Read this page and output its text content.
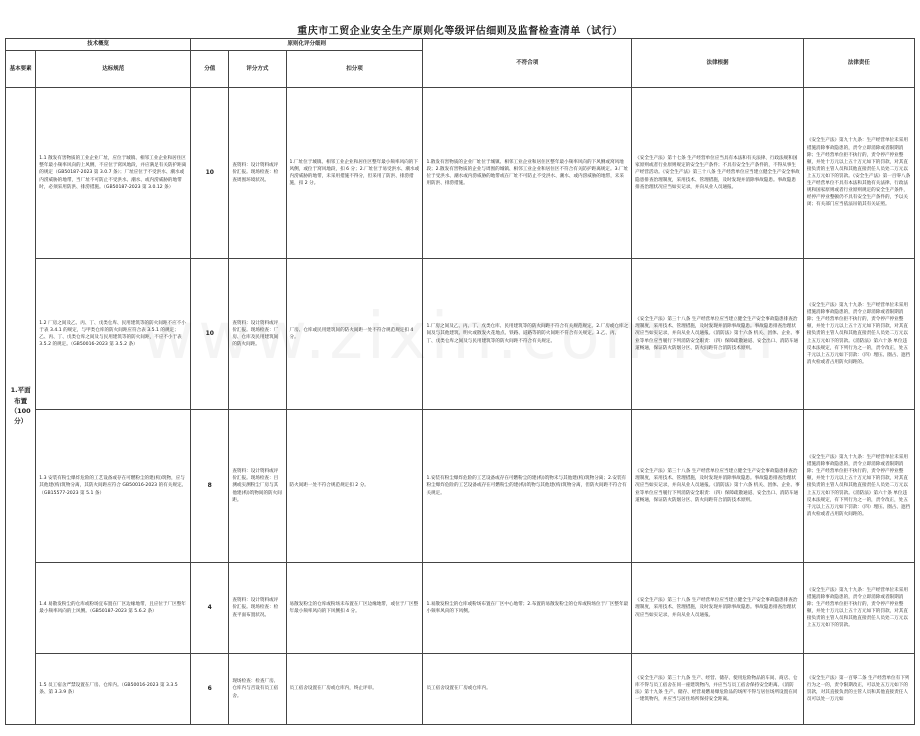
重庆市工贸企业安全生产原则化等级评估细则及监督检查清单（试行）
技术概览		原则化评分细则			不符合项	法律根据	法律责任
基本要素	达标规范	分值	评分方式	扣分项			
1.平面布置（100分）	1.1 散发有害物质的工业企业厂址，应位于城镇、相邻工业企业和居住区整年最小频率风向的上风侧，不应位于窝风地段，并应满足有关防护距离的规定（GB50187-2023 第 3.0.7 条）；厂址应位于不受洪水、潮水或内涝威胁的地带，当厂址不可防止不受洪水、潮水、或内涝威胁的地带时，必须采用防洪、排涝措施。（GB50187-2023 第 3.0.12 条）	10	查资料：设计资料或评价汇报。现场检查：检查周围环境状况。	1.厂址位于城镇、相邻工业企业和居住区整年最小频率风向的下风侧，或位于窝风地段，扣 6 分；2.厂址位于易受洪水、潮水或内涝威胁的地带，未采用措施不得分，但采用了防洪、排涝措施，扣 2 分。	1.散发有害物质的企业厂址位于城镇、相邻工业企业和居住区整年最小频率风向的下风侧或窝风地段；2.散发有害物质的企业与周围的城镇、相邻工业企业和居住区不符合有关防护距离规定。3.厂址位于受洪水、潮水或内涝威胁的地带或在厂址不可防止不受洪水、潮水、或内涝威胁的地带，未采用防洪、排涝措施。	《安全生产法》第十七条 生产经营单位应当具有本法和有关法律、行政法规和国家原则或者行业原则规定的安全生产条件；不具有安全生产条件的，不得从事生产经营活动。《安全生产法》第三十八条 生产经营单位应当建立健全生产安全事故隐患排查治理制度，采用技术、管理措施，及时发现并消除事故隐患。事故隐患排查治理状况应当如实记录，并向从业人员通报。	《安全生产法》第九十九条：生产经营单位未采用措施消除事故隐患的，责令立即消除或者限期消除；生产经营单位拒不执行的，责令停产停业整顿，并处十万元以上五十万元如下的罚款，对其直接负责的主管人员和其他直接责任人员处二万元以上五万元如下的罚款。《安全生产法》第一百零八条 生产经营单位不具有本法和其他有关法律、行政法规和国家原则或者行业原则规定的安全生产条件，经停产停业整顿仍不具有安全生产条件的，予以关闭；有关部门应当依法吊销其有关证照。
	1.2 厂房之间及乙、丙、丁、戊类仓库、民用建筑等的防火间距不应不小于表 3.4.1 的规定，与甲类仓库的防火间距应符合表 3.5.1 的规定；乙、丙、丁、戊类仓库之间及与民用建筑等的防火间距，不应不小于表 3.5.2 的规定。（GB50016-2023 第 3.5.2 条）	10	查资料：设计资料或评价汇报。现场检查：厂房、仓库及民用建筑间的防火间距。	厂房、仓库或民用建筑间的防火间距一处不符合规范规定扣 4 分。	1.厂房之间及乙、丙、丁、戊类仓库、民用建筑等的防火间距不符合有关规范规定。2.厂房或仓库之间及与其他建筑、明火或散发火花地点、铁路、道路等的防火间距不符合有关规定。3.乙、丙、丁、戊类仓库之间及与民用建筑等的防火间距不符合有关规定。	《安全生产法》第三十八条 生产经营单位应当建立健全生产安全事故隐患排查治理制度，采用技术、管理措施，及时发现并消除事故隐患。事故隐患排查治理状况应当如实记录，并向从业人员通报。《消防法》第十六条 机关、团体、企业、事业等单位应当履行下列消防安全职责：（四）保障疏散通道、安全出口、消防车通道畅通，保证防火防烟分区、防火间距符合消防技术原则。	《安全生产法》第九十九条：生产经营单位未采用措施消除事故隐患的，责令立即消除或者限期消除；生产经营单位拒不执行的，责令停产停业整顿，并处十万元以上五十万元如下的罚款，对其直接负责的主管人员和其他直接责任人员处二万元以上五万元如下的罚款。《消防法》第六十条 单位违反本法规定，有下列行为之一的，责令改正，处五千元以上五万元如下罚款：（四）埋压、圈占、遮挡消火栓或者占用防火间距的。
	1.3 安装有粉尘爆炸危险的工艺设备或存在可燃粉尘的建(构)筑物，应与其他建(构)筑物分离，其防火间距应符合 GB50016-2023 的有关规定。（GB15577-2023 第 5.1 条）	8	查资料：设计资料或评价汇报。现场检查：目测或实测粉尘厂房与其他建(构)筑物间的防火间距。	防火间距一处不符合规范规定扣 2 分。	1.安装有粉尘爆炸危险的工艺设备或存在可燃粉尘的建(构)筑物未与其他建(构)筑物分离；2.安装有粉尘爆炸危险的工艺设备或存在可燃粉尘的建(构)筑物与其他建(构)筑物分离，但防火间距不符合有关规定。	《安全生产法》第三十八条 生产经营单位应当建立健全生产安全事故隐患排查治理制度，采用技术、管理措施，及时发现并消除事故隐患。事故隐患排查治理状况应当如实记录，并向从业人员通报。《消防法》第十六条 机关、团体、企业、事业等单位应当履行下列消防安全职责：（四）保障疏散通道、安全出口、消防车通道畅通，保证防火防烟分区、防火间距符合消防技术原则。	《安全生产法》第九十九条：生产经营单位未采用措施消除事故隐患的，责令立即消除或者限期消除；生产经营单位拒不执行的，责令停产停业整顿，并处十万元以上五十万元如下的罚款，对其直接负责的主管人员和其他直接责任人员处二万元以上五万元如下的罚款。《消防法》第六十条 单位违反本法规定，有下列行为之一的，责令改正，处五千元以上五万元如下罚款：（四）埋压、圈占、遮挡消火栓或者占用防火间距的。
	1.4 易散发粉尘的仓库或粉场宜布置在厂区边缘地带，且应位于厂区整年最小频率风向的上风侧。（GB50187-2023 第 5.6.2 条）	4	查资料：设计资料或评价汇报。现场检查：检查平面布置状况。	易散发粉尘的仓库或粉场未布置在厂区边缘地带，或位于厂区整年最小频率风向的下风侧扣 4 分。	1.易散发粉尘的仓库或粉场布置在厂区中心地带；2.布置的易散发粉尘的仓库或粉场位于厂区整年最小频率风向的下风侧。	《安全生产法》第三十八条 生产经营单位应当建立健全生产安全事故隐患排查治理制度，采用技术、管理措施，及时发现并消除事故隐患。事故隐患排查治理状况应当如实记录，并向从业人员通报。	《安全生产法》第九十九条：生产经营单位未采用措施消除事故隐患的，责令立即消除或者限期消除；生产经营单位拒不执行的，责令停产停业整顿，并处十万元以上五十万元如下的罚款，对其直接负责的主管人员和其他直接责任人员处二万元以上五万元如下的罚款。
	1.5 员工宿舍严禁设置在厂房、仓库内。（GB50016-2023 第 3.3.5 条、第 3.3.9 条）	6	现场检查：检查厂房、仓库内与否设有员工宿舍。	员工宿舍设置在厂房或仓库内，终止评审。	员工宿舍设置在厂房或仓库内。	《安全生产法》第三十九条 生产、经营、储存、使用危险物品的车间、商店、仓库不得与员工宿舍在同一座建筑物内，并应当与员工宿舍保持安全距离。《消防法》第十九条 生产、储存、经营易燃易爆危险品的场所不得与居住场所设置在同一建筑物内，并应当与居住场所保持安全距离。	《安全生产法》第一百零二条 生产经营单位有下列行为之一的，责令限期改正，可以处五万元如下的罚款，对其直接负责的主管人员和其他直接责任人员可以处一万元如
